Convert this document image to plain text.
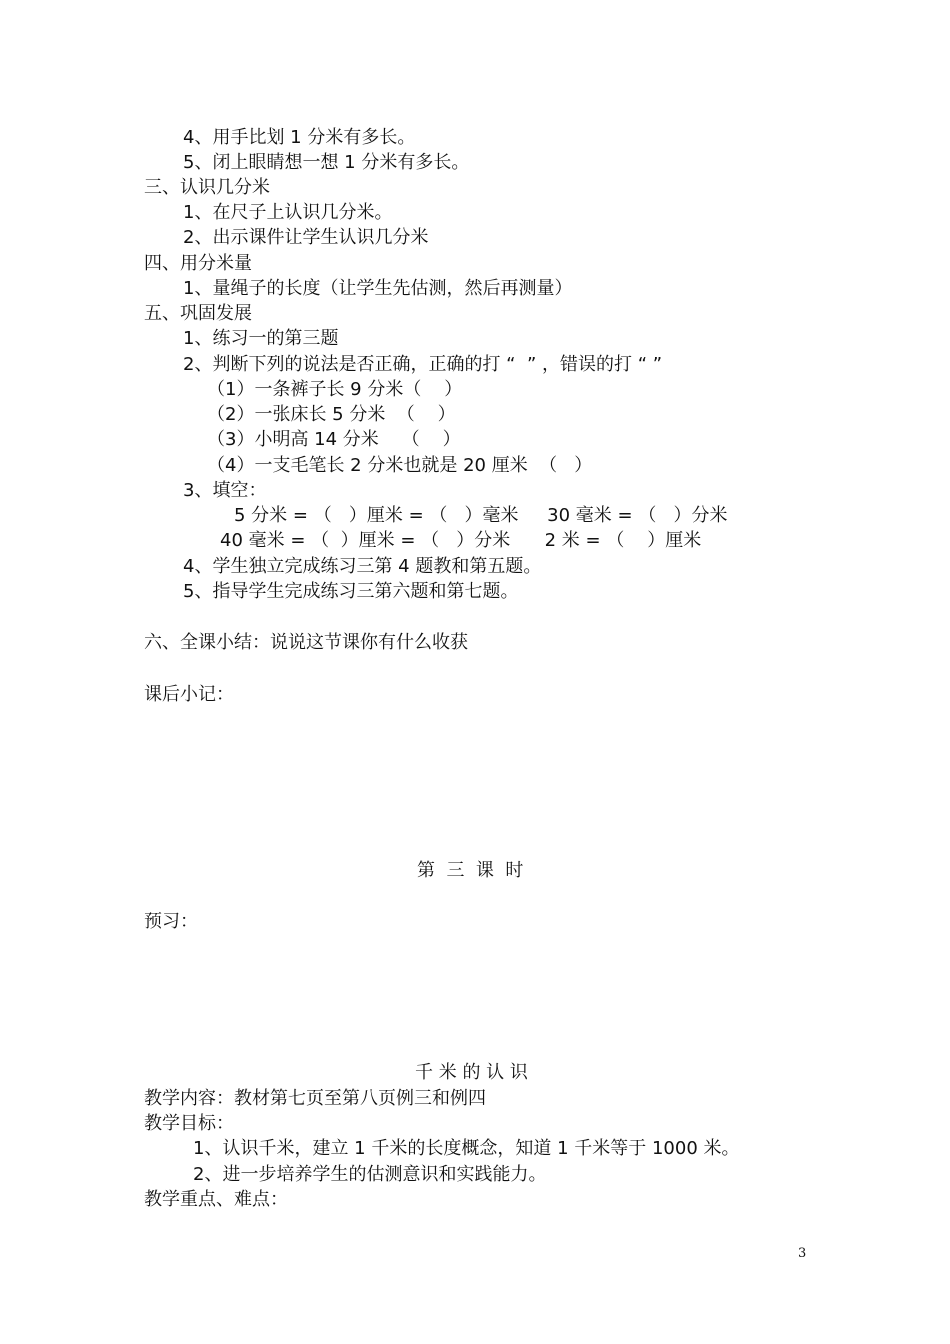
4、用手比划 1 分米有多长。
5、闭上眼睛想一想 1 分米有多长。
三、认识几分米
1、在尺子上认识几分米。
2、出示课件让学生认识几分米
四、用分米量
1、量绳子的长度（让学生先估测，然后再测量）
五、巩固发展
1、练习一的第三题
2、判断下列的说法是否正确，正确的打 “  ” ，错误的打 “ ”
（1）一条裤子长 9 分米（    ）
（2）一张床长 5 分米  （    ）
（3）小明高 14 分米    （    ）
（4）一支毛笔长 2 分米也就是 20 厘米  （   ）
3、填空：
5 分米 = （   ）厘米 = （   ）毫米     30 毫米 = （   ）分米
40 毫米 = （  ）厘米 = （   ）分米      2 米 = （    ）厘米
4、学生独立完成练习三第 4 题教和第五题。
5、指导学生完成练习三第六题和第七题。
六、全课小结：说说这节课你有什么收获
课后小记：
第  三  课  时
预习：
千 米 的 认 识
教学内容：教材第七页至第八页例三和例四
教学目标：
1、认识千米，建立 1 千米的长度概念，知道 1 千米等于 1000 米。
2、进一步培养学生的估测意识和实践能力。
教学重点、难点：
3
